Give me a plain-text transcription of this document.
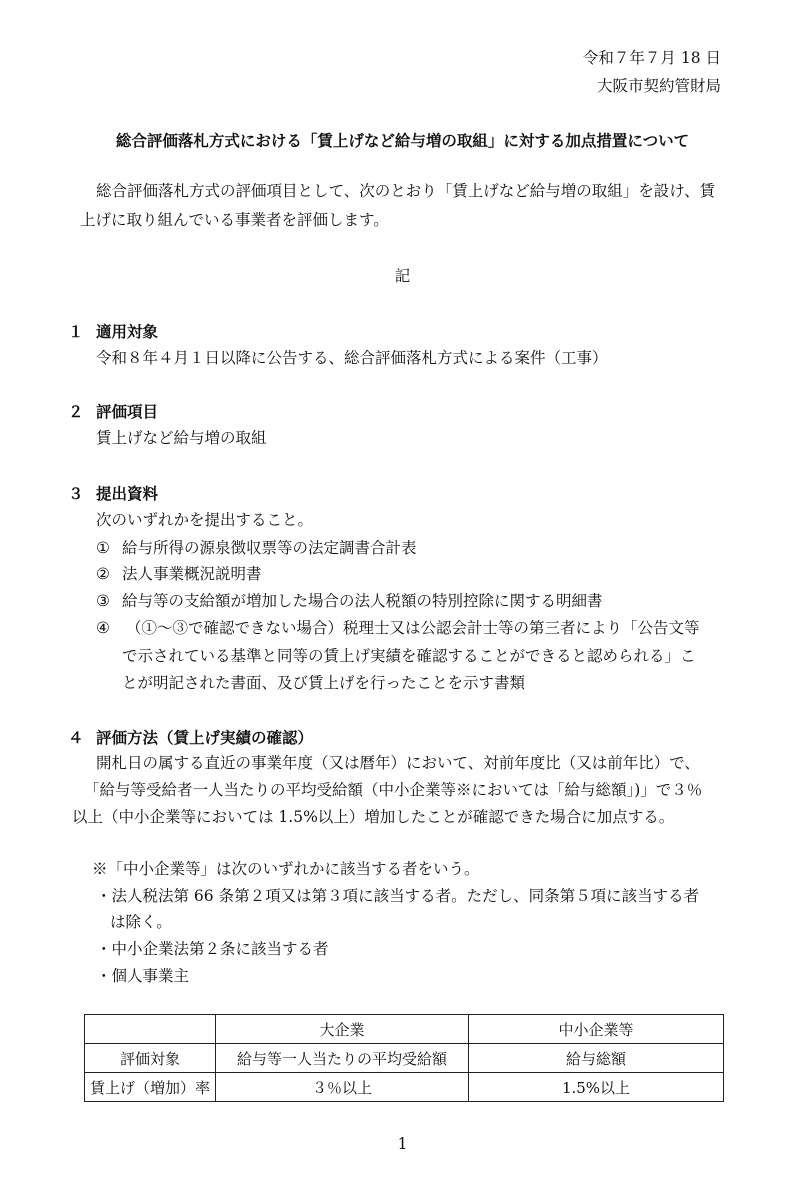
令和７年７月 18 日
大阪市契約管財局
総合評価落札方式における「賃上げなど給与増の取組」に対する加点措置について
総合評価落札方式の評価項目として、次のとおり「賃上げなど給与増の取組」を設け、賃
上げに取り組んでいる事業者を評価します。
記
１ 適用対象
令和８年４月１日以降に公告する、総合評価落札方式による案件（工事）
２ 評価項目
賃上げなど給与増の取組
３ 提出資料
次のいずれかを提出すること。
① 給与所得の源泉徴収票等の法定調書合計表
② 法人事業概況説明書
③ 給与等の支給額が増加した場合の法人税額の特別控除に関する明細書
④ （①～③で確認できない場合）税理士又は公認会計士等の第三者により「公告文等
で示されている基準と同等の賃上げ実績を確認することができると認められる」こ
とが明記された書面、及び賃上げを行ったことを示す書類
４ 評価方法（賃上げ実績の確認）
開札日の属する直近の事業年度（又は暦年）において、対前年度比（又は前年比）で、
「給与等受給者一人当たりの平均受給額（中小企業等※においては「給与総額」)」で３％
以上（中小企業等においては 1.5%以上）増加したことが確認できた場合に加点する。
※「中小企業等」は次のいずれかに該当する者をいう。
・法人税法第 66 条第２項又は第３項に該当する者。ただし、同条第５項に該当する者
は除く。
・中小企業法第２条に該当する者
・個人事業主
	大企業	中小企業等
評価対象	給与等一人当たりの平均受給額	給与総額
賃上げ（増加）率	３％以上	1.5%以上
1
